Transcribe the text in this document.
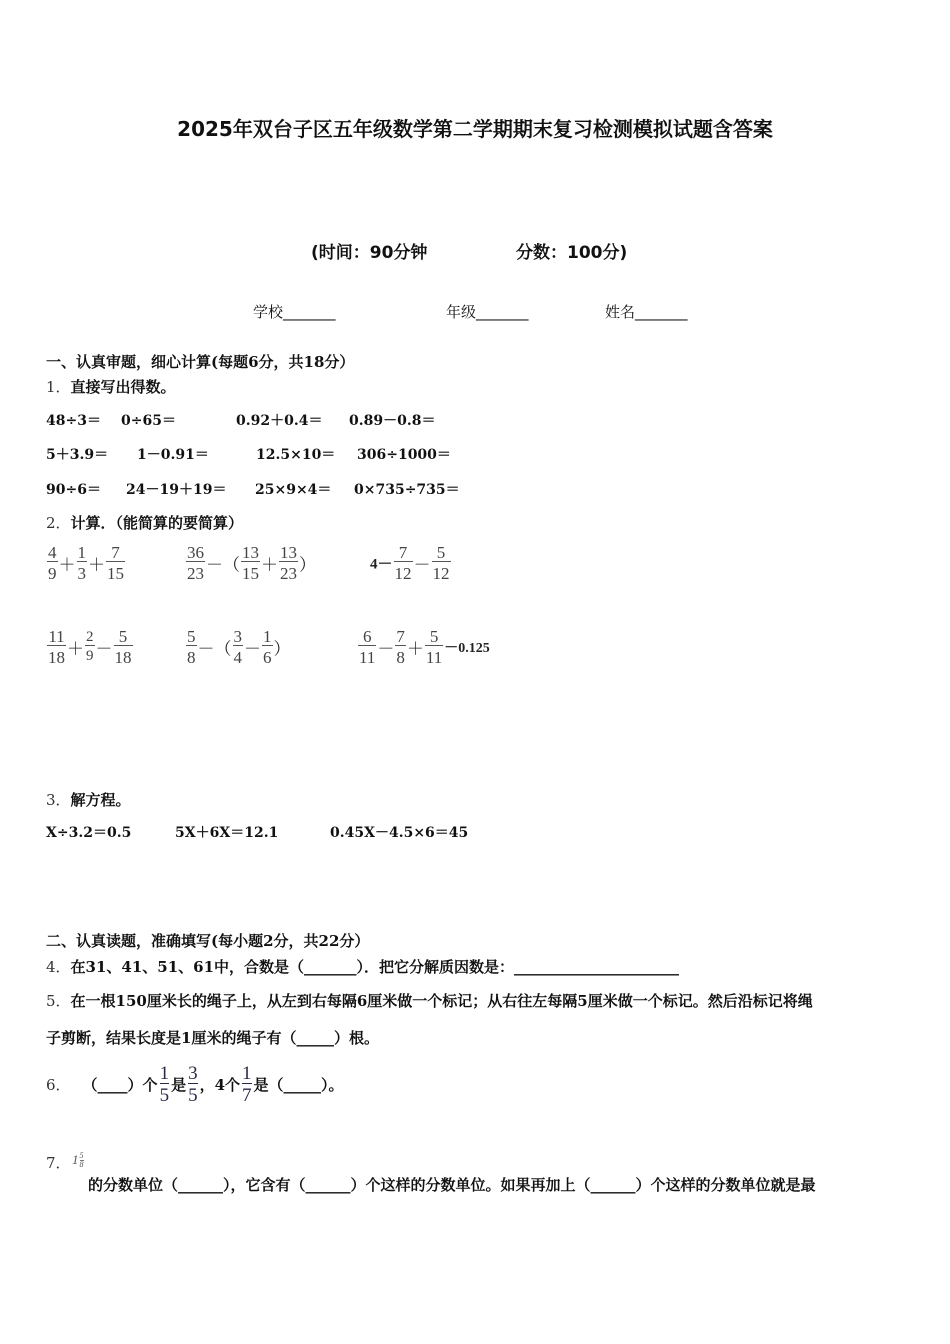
2025年双台子区五年级数学第二学期期末复习检测模拟试题含答案
(时间：90分钟	分数：100分)
学校_______	年级_______	姓名_______
一、认真审题，细心计算(每题6分，共18分）
1．直接写出得数。
48÷3＝ 0÷65＝	0.92＋0.4＝ 0.89－0.8＝
5＋3.9＝ 1－0.91＝	12.5×10＝ 306÷1000＝
90÷6＝ 24－19＋19＝ 25×9×4＝ 0×735÷735＝
2．计算．（能简算的要简算）
$\frac{4}{9} + \frac{1}{3} + \frac{7}{15}$	$\frac{36}{23}$ －（ $\frac{13}{15} + \frac{13}{23}$ ）	$4- \frac{7}{12} - \frac{5}{12}$
$\frac{11}{18} + \frac{2}{9} - \frac{5}{18}$	$\frac{5}{8}$ －（ $\frac{3}{4} - \frac{1}{6}$ ）	$\frac{6}{11} - \frac{7}{8} + \frac{5}{11} -0.125$
3．解方程。
X÷3.2＝0.5	5X＋6X＝12.1	0.45X－4.5×6＝45
二、认真读题，准确填写(每小题2分，共22分）
4．在31、41、51、61中，合数是（_______）．把它分解质因数是：______________________
5．在一根150厘米长的绳子上，从左到右每隔6厘米做一个标记；从右往左每隔5厘米做一个标记。然后沿标记将绳
子剪断，结果长度是1厘米的绳子有（_____）根。
6． （____）个
1
5 是
3
5 ，4个
1
7 是（_____）。
7．$1 \frac{5}{8}$
的分数单位（______），它含有（______）个这样的分数单位。如果再加上（______）个这样的分数单位就是最
